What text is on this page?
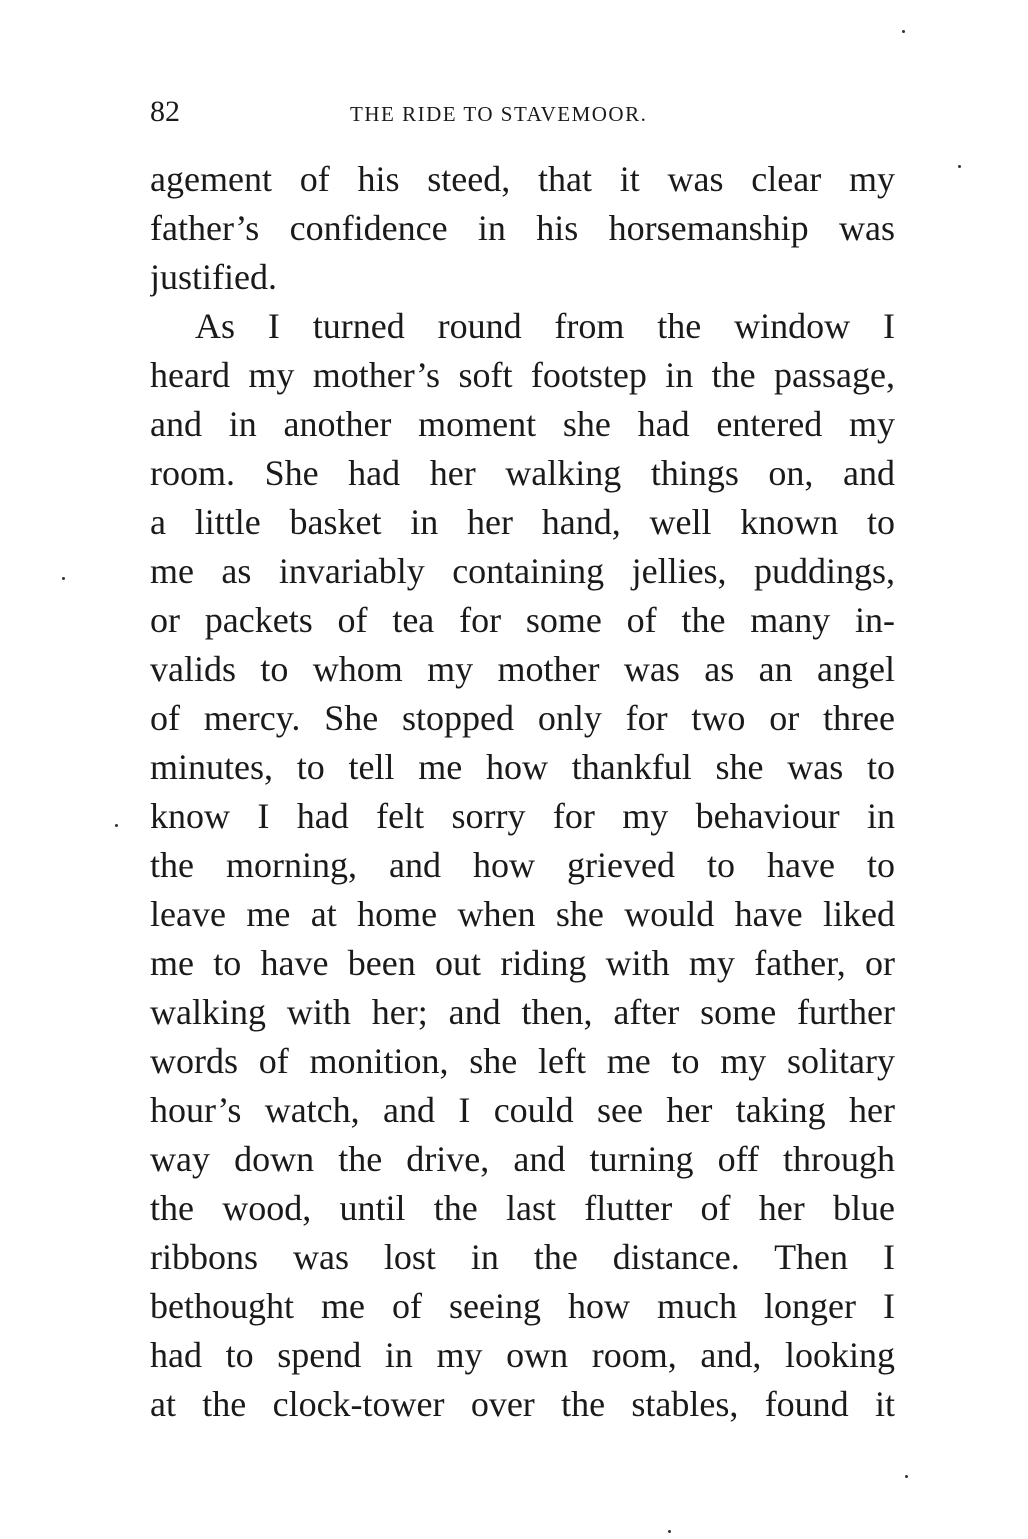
82	THE RIDE TO STAVEMOOR.
agement of his steed, that it was clear my
father’s confidence in his horsemanship was
justified.
As I turned round from the window I
heard my mother’s soft footstep in the passage,
and in another moment she had entered my
room. She had her walking things on, and
a little basket in her hand, well known to
me as invariably containing jellies, puddings,
or packets of tea for some of the many in-
valids to whom my mother was as an angel
of mercy. She stopped only for two or three
minutes, to tell me how thankful she was to
know I had felt sorry for my behaviour in
the morning, and how grieved to have to
leave me at home when she would have liked
me to have been out riding with my father, or
walking with her; and then, after some further
words of monition, she left me to my solitary
hour’s watch, and I could see her taking her
way down the drive, and turning off through
the wood, until the last flutter of her blue
ribbons was lost in the distance. Then I
bethought me of seeing how much longer I
had to spend in my own room, and, looking
at the clock-tower over the stables, found it
